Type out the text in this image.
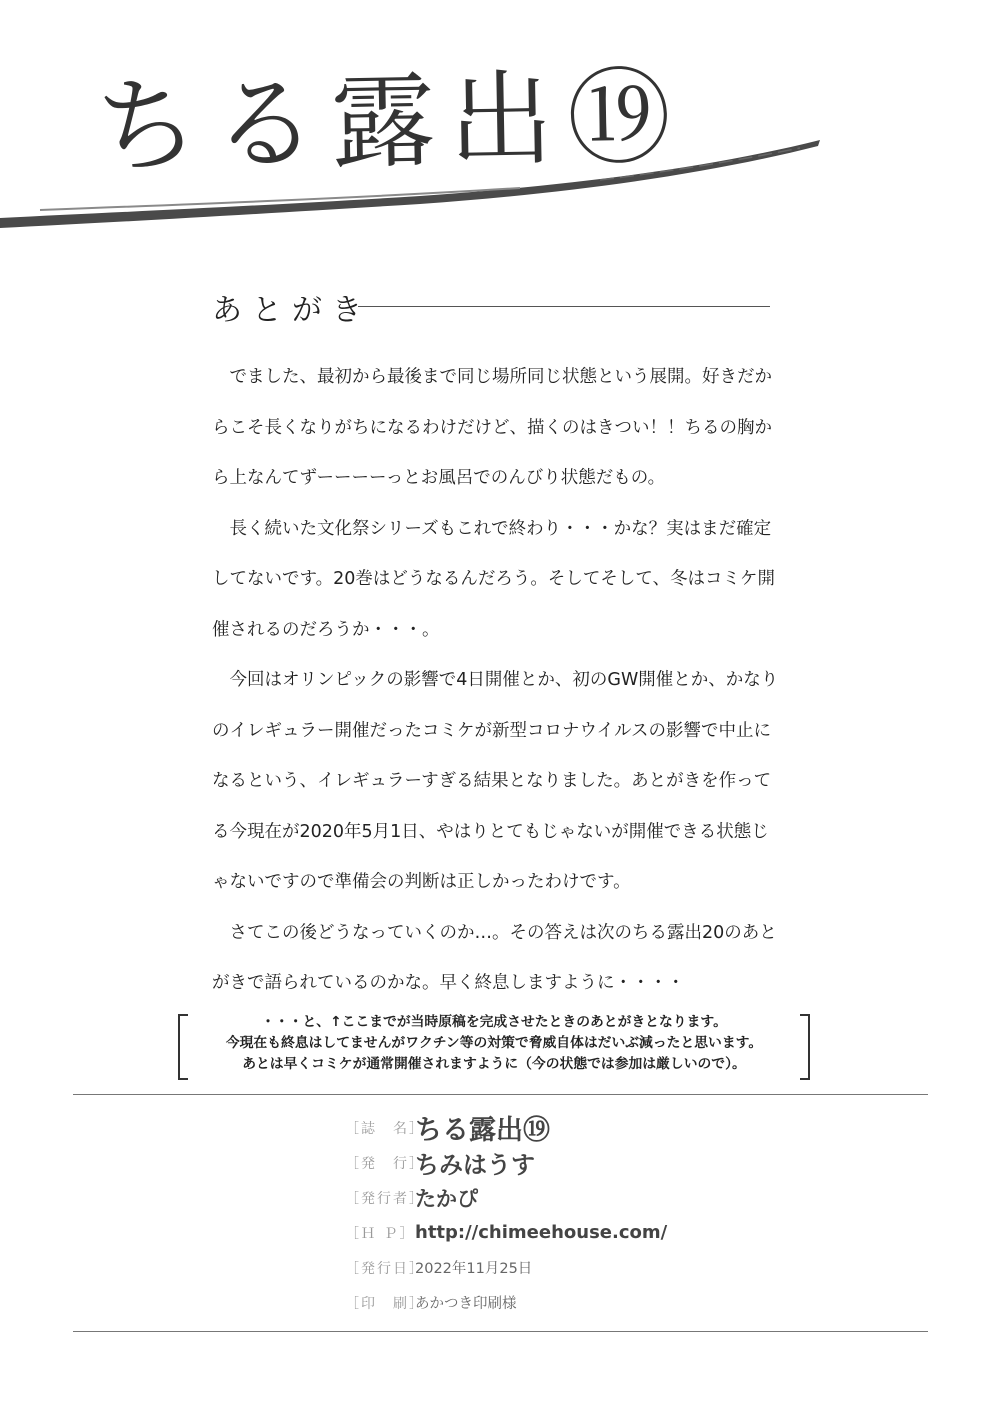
ちる露出⑲
あとがき

でました、最初から最後まで同じ場所同じ状態という展開。好きだからこそ長くなりがちになるわけだけど、描くのはきつい！！ちるの胸から上なんてずーーーーっとお風呂でのんびり状態だもの。

長く続いた文化祭シリーズもこれで終わり・・・かな？実はまだ確定してないです。20巻はどうなるんだろう。そしてそして、冬はコミケ開催されるのだろうか・・・。

今回はオリンピックの影響で4日開催とか、初のGW開催とか、かなりのイレギュラー開催だったコミケが新型コロナウイルスの影響で中止になるという、イレギュラーすぎる結果となりました。あとがきを作ってる今現在が2020年5月1日、やはりとてもじゃないが開催できる状態じゃないですので準備会の判断は正しかったわけです。

さてこの後どうなっていくのか…。その答えは次のちる露出20のあとがきで語られているのかな。早く終息しますように・・・・

・・・と、↑ここまでが当時原稿を完成させたときのあとがきとなります。
今現在も終息はしてませんがワクチン等の対策で脅威自体はだいぶ減ったと思います。
あとは早くコミケが通常開催されますように（今の状態では参加は厳しいので）。
［誌　名］
ちる露出⑲
［発　行］
ちみはうす
［発行者］
たかぴ
［Ｈ Ｐ］ http://chimeehouse.com/
［発行日］
2022年11月25日
［印　刷］
あかつき印刷様
